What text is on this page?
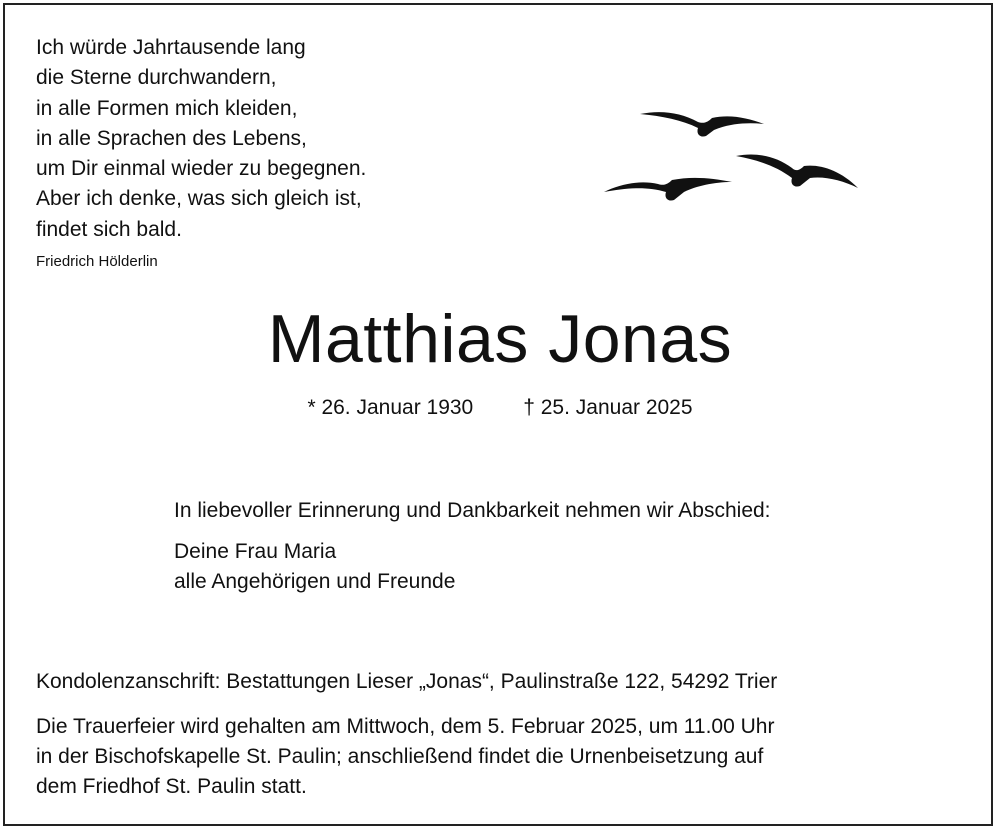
Ich würde Jahrtausende lang
die Sterne durchwandern,
in alle Formen mich kleiden,
in alle Sprachen des Lebens,
um Dir einmal wieder zu begegnen.
Aber ich denke, was sich gleich ist,
findet sich bald.
Friedrich Hölderlin
Matthias Jonas
* 26. Januar 1930 † 25. Januar 2025
In liebevoller Erinnerung und Dankbarkeit nehmen wir Abschied:
Deine Frau Maria
alle Angehörigen und Freunde
Kondolenzanschrift: Bestattungen Lieser „Jonas“, Paulinstraße 122, 54292 Trier
Die Trauerfeier wird gehalten am Mittwoch, dem 5. Februar 2025, um 11.00 Uhr
in der Bischofskapelle St. Paulin; anschließend findet die Urnenbeisetzung auf
dem Friedhof St. Paulin statt.
